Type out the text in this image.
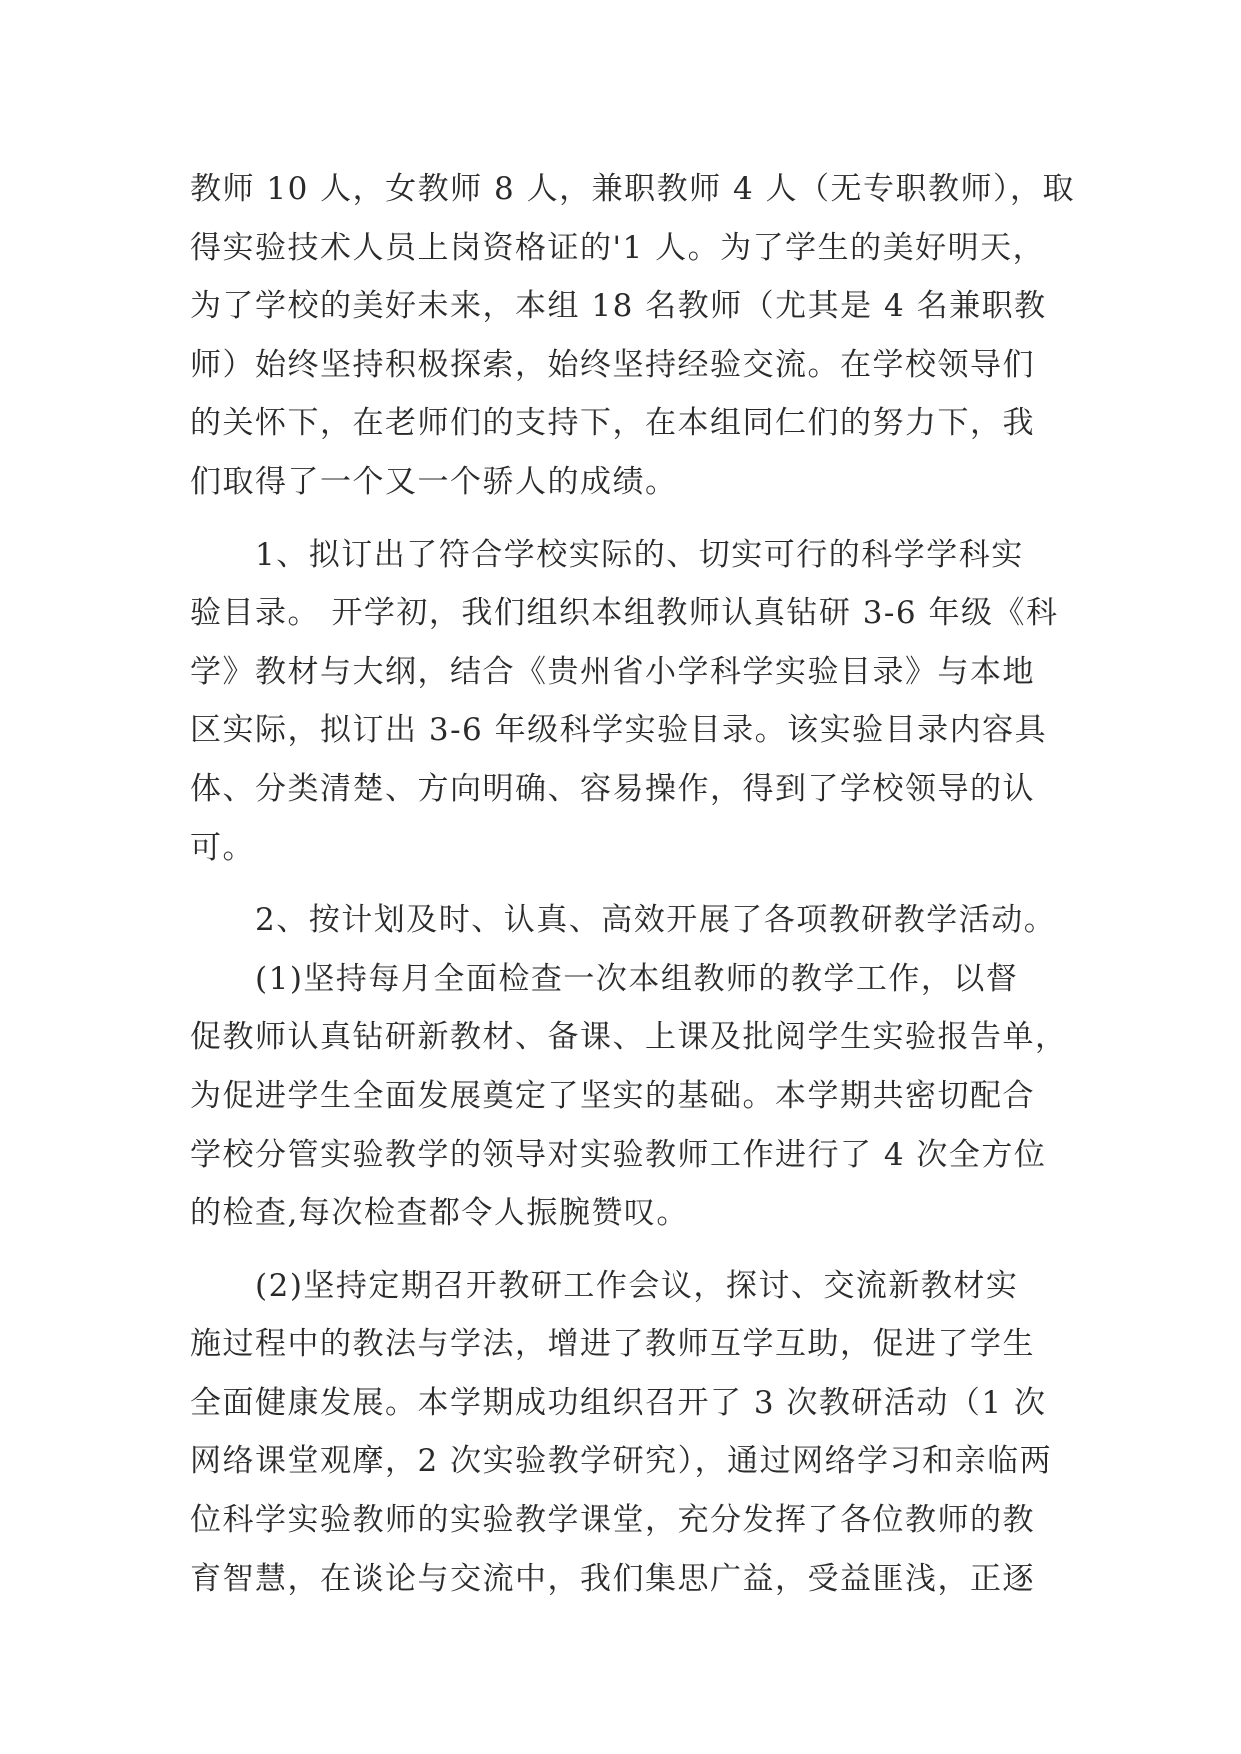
教师 10 人，女教师 8 人，兼职教师 4 人（无专职教师），取
得实验技术人员上岗资格证的'1 人。为了学生的美好明天，
为了学校的美好未来，本组 18 名教师（尤其是 4 名兼职教
师）始终坚持积极探索，始终坚持经验交流。在学校领导们
的关怀下，在老师们的支持下，在本组同仁们的努力下，我
们取得了一个又一个骄人的成绩。
　　1、拟订出了符合学校实际的、切实可行的科学学科实
验目录。 开学初，我们组织本组教师认真钻研 3-6 年级《科
学》教材与大纲，结合《贵州省小学科学实验目录》与本地
区实际，拟订出 3-6 年级科学实验目录。该实验目录内容具
体、分类清楚、方向明确、容易操作，得到了学校领导的认
可。
　　2、按计划及时、认真、高效开展了各项教研教学活动。
　　(1)坚持每月全面检查一次本组教师的教学工作，以督
促教师认真钻研新教材、备课、上课及批阅学生实验报告单，
为促进学生全面发展奠定了坚实的基础。本学期共密切配合
学校分管实验教学的领导对实验教师工作进行了 4 次全方位
的检查,每次检查都令人振腕赞叹。
　　(2)坚持定期召开教研工作会议，探讨、交流新教材实
施过程中的教法与学法，增进了教师互学互助，促进了学生
全面健康发展。本学期成功组织召开了 3 次教研活动（1 次
网络课堂观摩，2 次实验教学研究），通过网络学习和亲临两
位科学实验教师的实验教学课堂，充分发挥了各位教师的教
育智慧，在谈论与交流中，我们集思广益，受益匪浅，正逐
